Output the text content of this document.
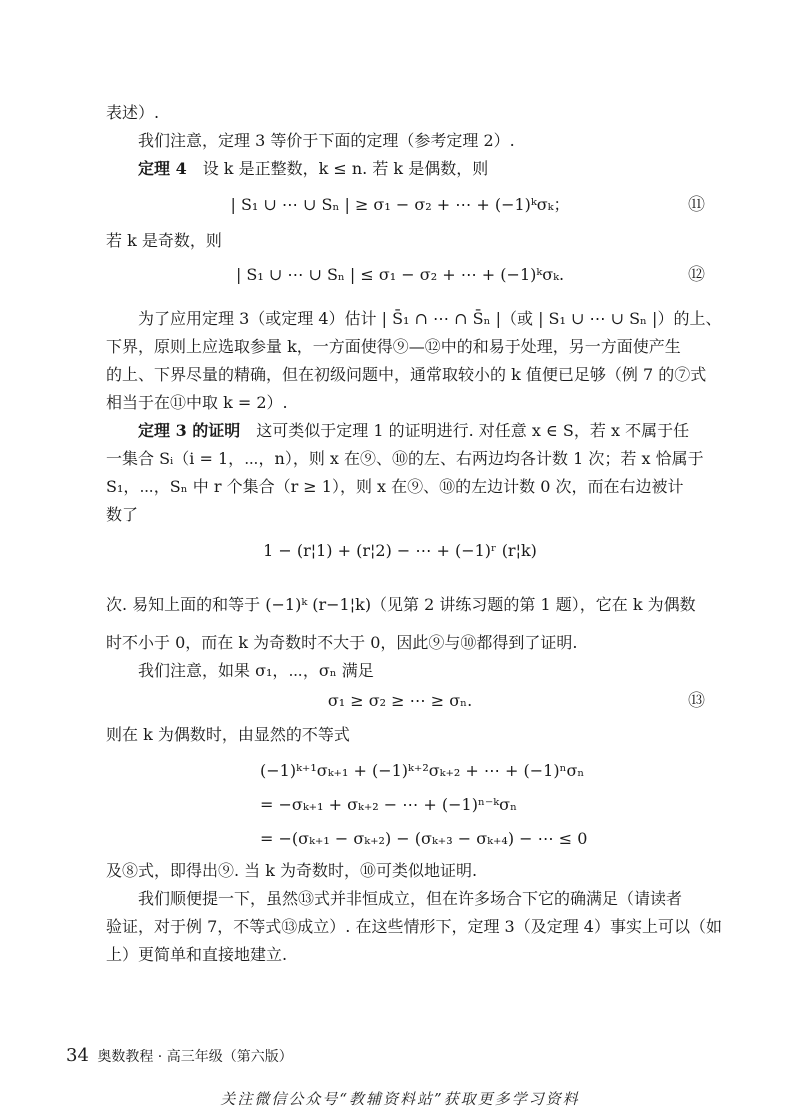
表述）.
我们注意，定理 3 等价于下面的定理（参考定理 2）.
定理 4　设 k 是正整数，k ≤ n. 若 k 是偶数，则
| S₁ ∪ ⋯ ∪ Sₙ | ≥ σ₁ − σ₂ + ⋯ + (−1)ᵏσₖ；	⑪
若 k 是奇数，则
| S₁ ∪ ⋯ ∪ Sₙ | ≤ σ₁ − σ₂ + ⋯ + (−1)ᵏσₖ.	⑫
为了应用定理 3（或定理 4）估计 | S̄₁ ∩ ⋯ ∩ S̄ₙ |（或 | S₁ ∪ ⋯ ∪ Sₙ |）的上、
下界，原则上应选取参量 k，一方面使得⑨—⑫中的和易于处理，另一方面使产生
的上、下界尽量的精确，但在初级问题中，通常取较小的 k 值便已足够（例 7 的⑦式
相当于在⑪中取 k = 2）.
定理 3 的证明　这可类似于定理 1 的证明进行. 对任意 x ∈ S，若 x 不属于任
一集合 Sᵢ（i = 1，⋯，n），则 x 在⑨、⑩的左、右两边均各计数 1 次；若 x 恰属于
S₁，⋯，Sₙ 中 r 个集合（r ≥ 1），则 x 在⑨、⑩的左边计数 0 次，而在右边被计
数了
1 − (r¦1) + (r¦2) − ⋯ + (−1)ʳ (r¦k)
次. 易知上面的和等于 (−1)ᵏ (r−1¦k)（见第 2 讲练习题的第 1 题），它在 k 为偶数
时不小于 0，而在 k 为奇数时不大于 0，因此⑨与⑩都得到了证明.
我们注意，如果 σ₁，⋯，σₙ 满足
σ₁ ≥ σ₂ ≥ ⋯ ≥ σₙ.	⑬
则在 k 为偶数时，由显然的不等式
(−1)ᵏ⁺¹σₖ₊₁ + (−1)ᵏ⁺²σₖ₊₂ + ⋯ + (−1)ⁿσₙ
= −σₖ₊₁ + σₖ₊₂ − ⋯ + (−1)ⁿ⁻ᵏσₙ
= −(σₖ₊₁ − σₖ₊₂) − (σₖ₊₃ − σₖ₊₄) − ⋯ ≤ 0
及⑧式，即得出⑨. 当 k 为奇数时，⑩可类似地证明.
我们顺便提一下，虽然⑬式并非恒成立，但在许多场合下它的确满足（请读者
验证，对于例 7，不等式⑬成立）. 在这些情形下，定理 3（及定理 4）事实上可以（如
上）更简单和直接地建立.
34 奥数教程 · 高三年级（第六版）
关注微信公众号“教辅资料站”获取更多学习资料
